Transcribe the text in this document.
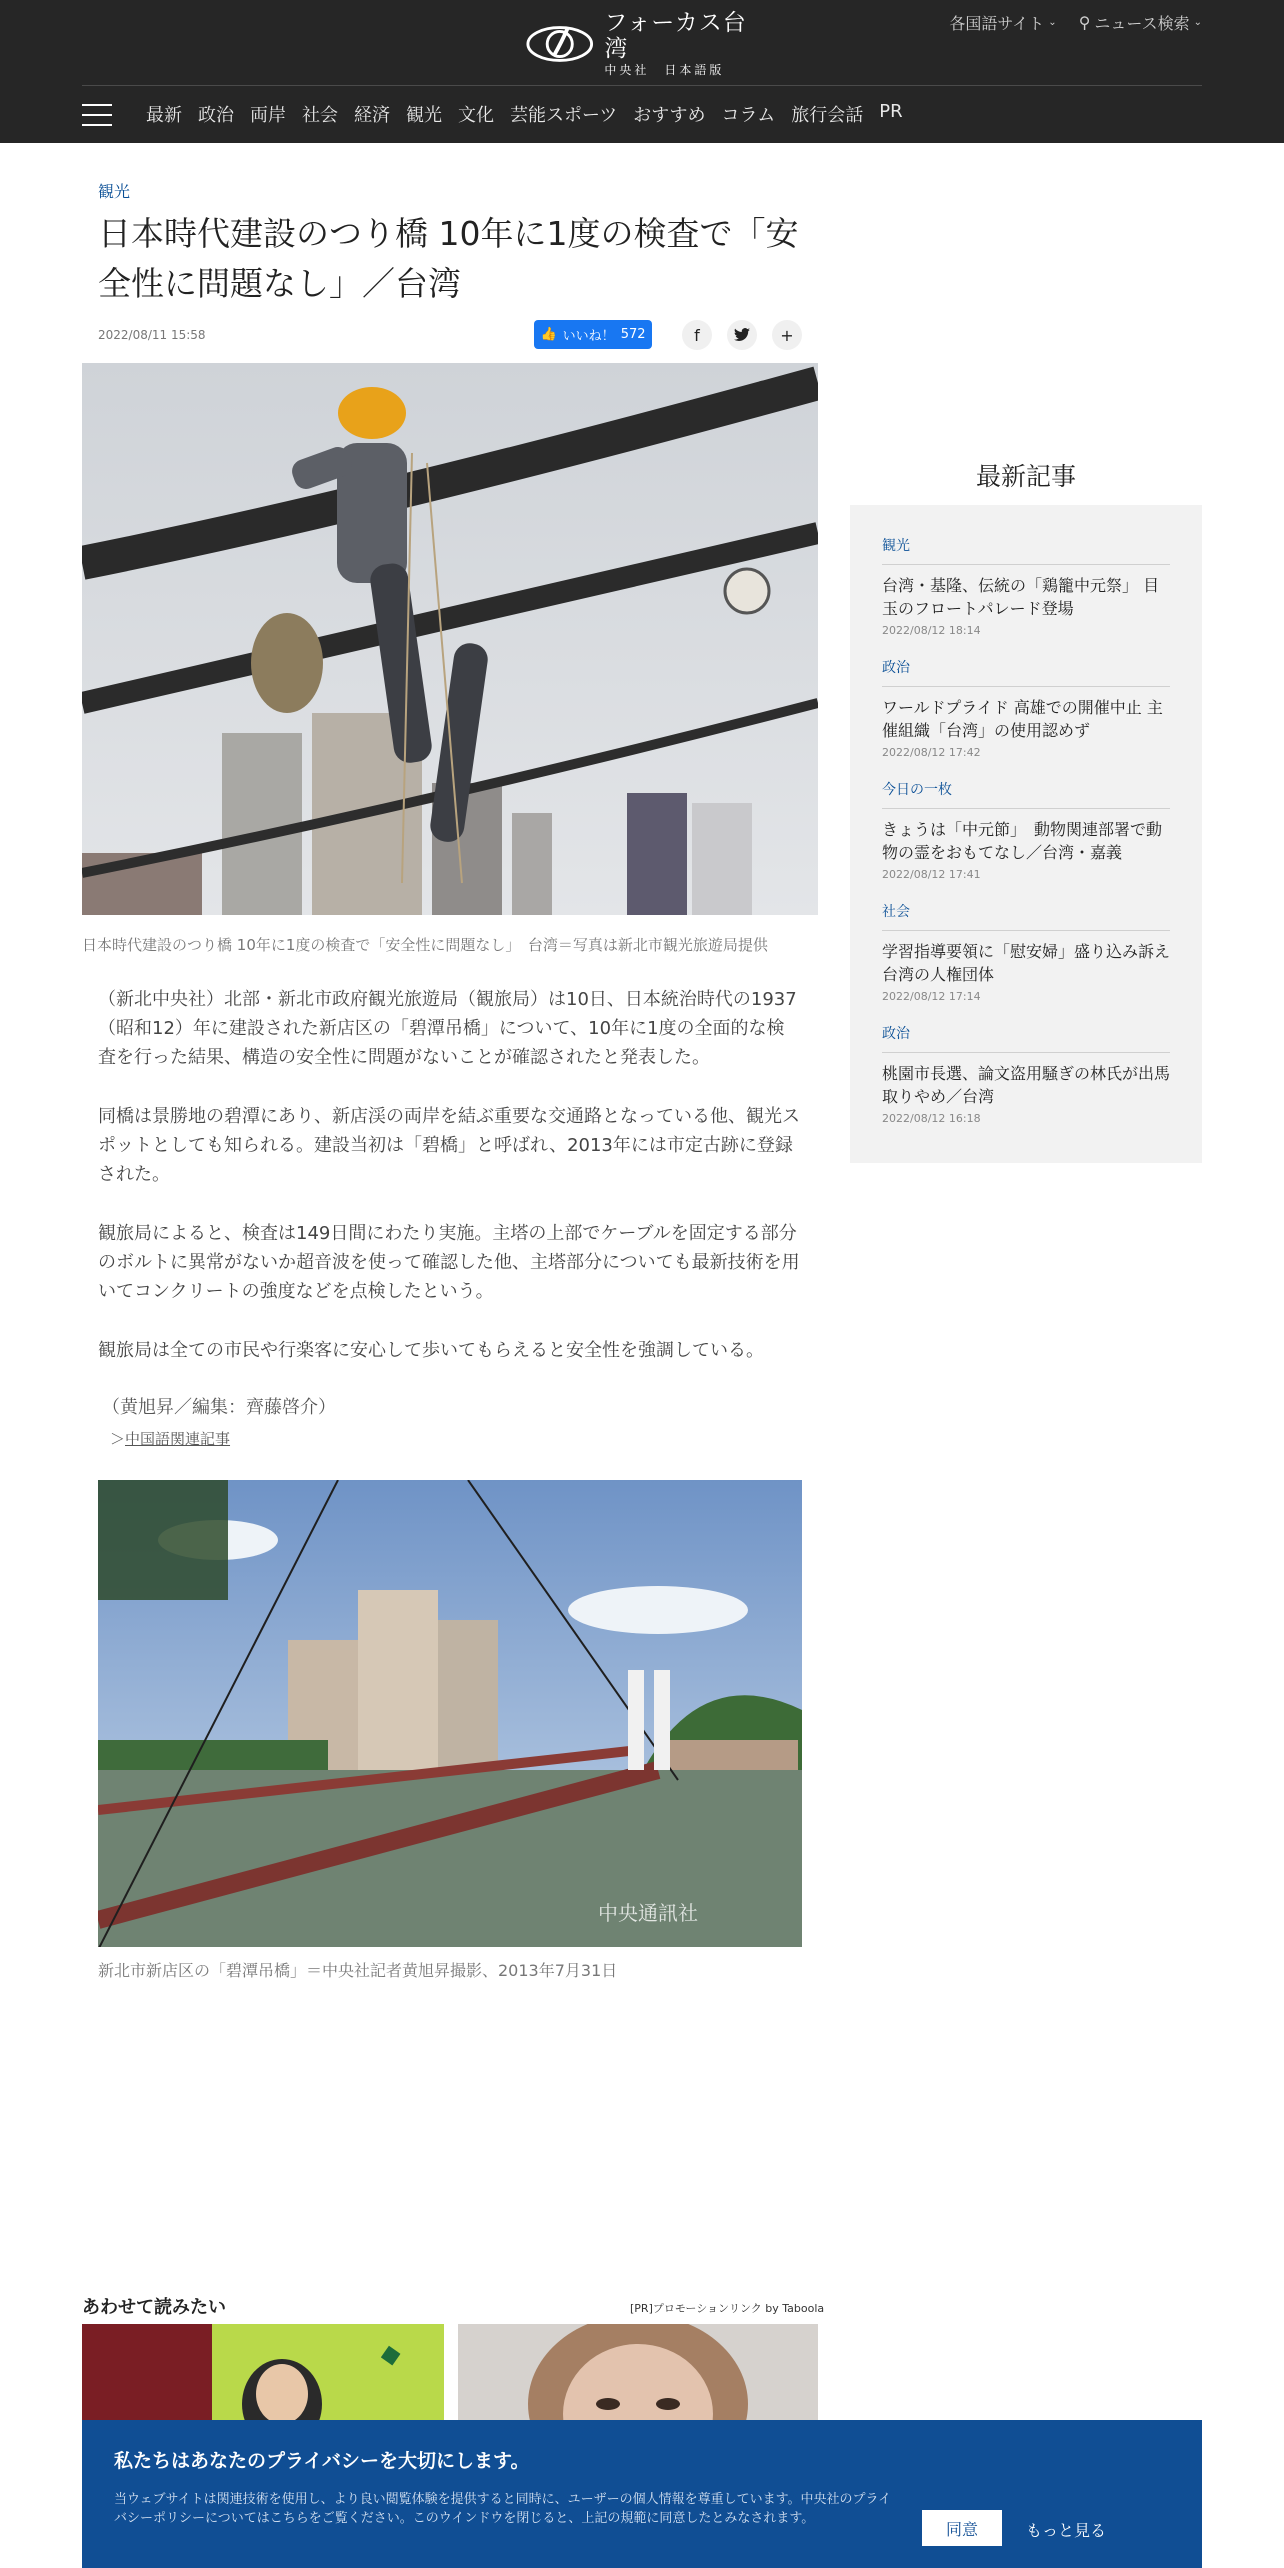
フォーカス台湾
中央社　日本語版
各国語サイト ⌄ ⚲ ニュース検索 ⌄
最新 政治 両岸 社会 経済 観光 文化 芸能スポーツ おすすめ コラム 旅行会話 PR
観光
日本時代建設のつり橋 10年に1度の検査で「安全性に問題なし」／台湾
2022/08/11 15:58	👍 いいね！ 572	f	+
日本時代建設のつり橋 10年に1度の検査で「安全性に問題なし」　台湾＝写真は新北市観光旅遊局提供

（新北中央社）北部・新北市政府観光旅遊局（観旅局）は10日、日本統治時代の1937（昭和12）年に建設された新店区の「碧潭吊橋」について、10年に1度の全面的な検査を行った結果、構造の安全性に問題がないことが確認されたと発表した。

同橋は景勝地の碧潭にあり、新店渓の両岸を結ぶ重要な交通路となっている他、観光スポットとしても知られる。建設当初は「碧橋」と呼ばれ、2013年には市定古跡に登録された。

観旅局によると、検査は149日間にわたり実施。主塔の上部でケーブルを固定する部分のボルトに異常がないか超音波を使って確認した他、主塔部分についても最新技術を用いてコンクリートの強度などを点検したという。

観旅局は全ての市民や行楽客に安心して歩いてもらえると安全性を強調している。

（黄旭昇／編集：齊藤啓介）
＞中国語関連記事
中央通訊社
新北市新店区の「碧潭吊橋」＝中央社記者黄旭昇撮影、2013年7月31日
最新記事
観光
台湾・基隆、伝統の「鶏籠中元祭」 目玉のフロートパレード登場
2022/08/12 18:14
政治
ワールドプライド 高雄での開催中止 主催組織「台湾」の使用認めず
2022/08/12 17:42
今日の一枚
きょうは「中元節」　動物関連部署で動物の霊をおもてなし／台湾・嘉義
2022/08/12 17:41
社会
学習指導要領に「慰安婦」盛り込み訴え 台湾の人権団体
2022/08/12 17:14
政治
桃園市長選、論文盗用騒ぎの林氏が出馬取りやめ／台湾
2022/08/12 16:18
あわせて読みたい	[PR]プロモーションリンク by Taboola
◆
私たちはあなたのプライバシーを大切にします。
当ウェブサイトは関連技術を使用し、より良い閲覧体験を提供すると同時に、ユーザーの個人情報を尊重しています。中央社のプライバシーポリシーについてはこちらをご覧ください。このウインドウを閉じると、上記の規範に同意したとみなされます。
同意	もっと見る
